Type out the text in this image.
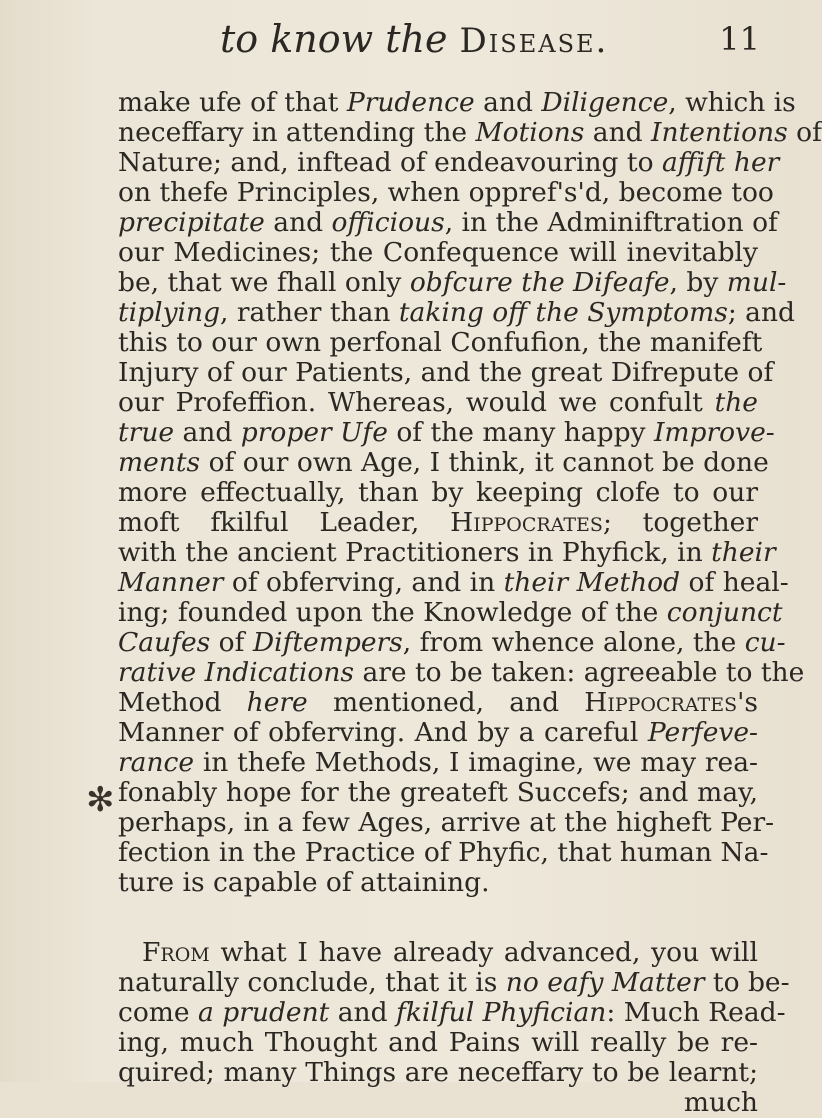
to know the Disease.	11
✻
make ufe of that Prudence and Diligence, which is
neceffary in attending the Motions and Intentions of
Nature; and, inftead of endeavouring to affift her
on thefe Principles, when oppref's'd, become too
precipitate and officious, in the Adminiftration of
our Medicines; the Confequence will inevitably
be, that we fhall only obfcure the Difeafe, by mul-
tiplying, rather than taking off the Symptoms; and
this to our own perfonal Confufion, the manifeft
Injury of our Patients, and the great Difrepute of
our Profeffion. Whereas, would we confult the
true and proper Ufe of the many happy Improve-
ments of our own Age, I think, it cannot be done
more effectually, than by keeping clofe to our
moft fkilful Leader, Hippocrates; together
with the ancient Practitioners in Phyfick, in their
Manner of obferving, and in their Method of heal-
ing; founded upon the Knowledge of the conjunct
Caufes of Diftempers, from whence alone, the cu-
rative Indications are to be taken: agreeable to the
Method here mentioned, and Hippocrates's
Manner of obferving. And by a careful Perfeve-
rance in thefe Methods, I imagine, we may rea-
fonably hope for the greateft Succefs; and may,
perhaps, in a few Ages, arrive at the higheft Per-
fection in the Practice of Phyfic, that human Na-
ture is capable of attaining.
From what I have already advanced, you will
naturally conclude, that it is no eafy Matter to be-
come a prudent and fkilful Phyfician: Much Read-
ing, much Thought and Pains will really be re-
quired; many Things are neceffary to be learnt;
much
